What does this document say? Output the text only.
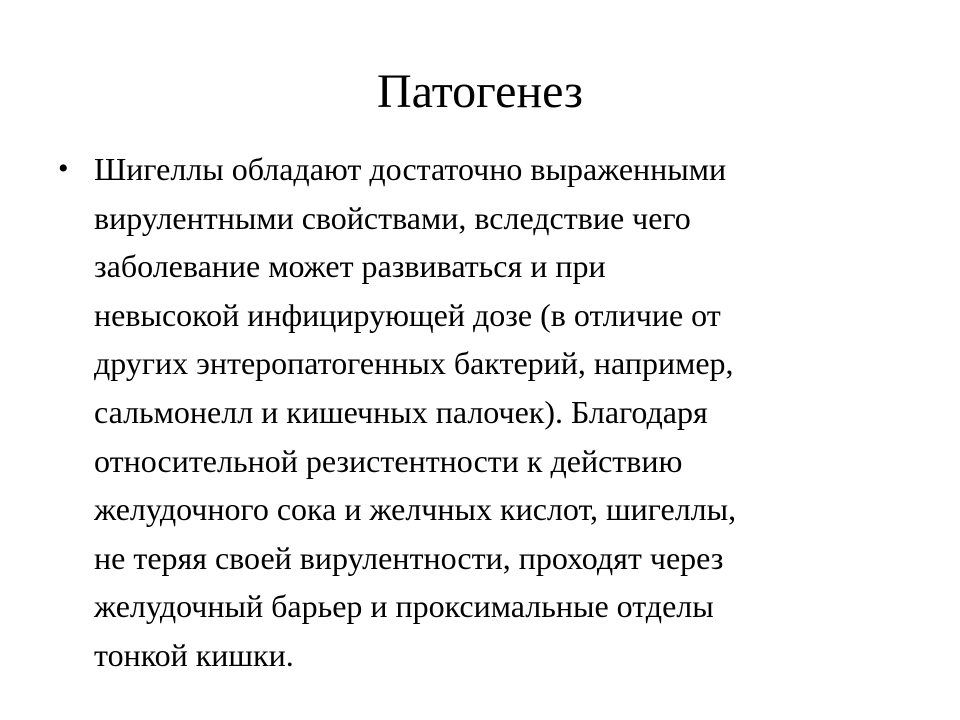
Патогенез
• Шигеллы обладают достаточно выраженными
вирулентными свойствами, вследствие чего
заболевание может развиваться и при
невысокой инфицирующей дозе (в отличие от
других энтеропатогенных бактерий, например,
сальмонелл и кишечных палочек). Благодаря
относительной резистентности к действию
желудочного сока и желчных кислот, шигеллы,
не теряя своей вирулентности, проходят через
желудочный барьер и проксимальные отделы
тонкой кишки.
